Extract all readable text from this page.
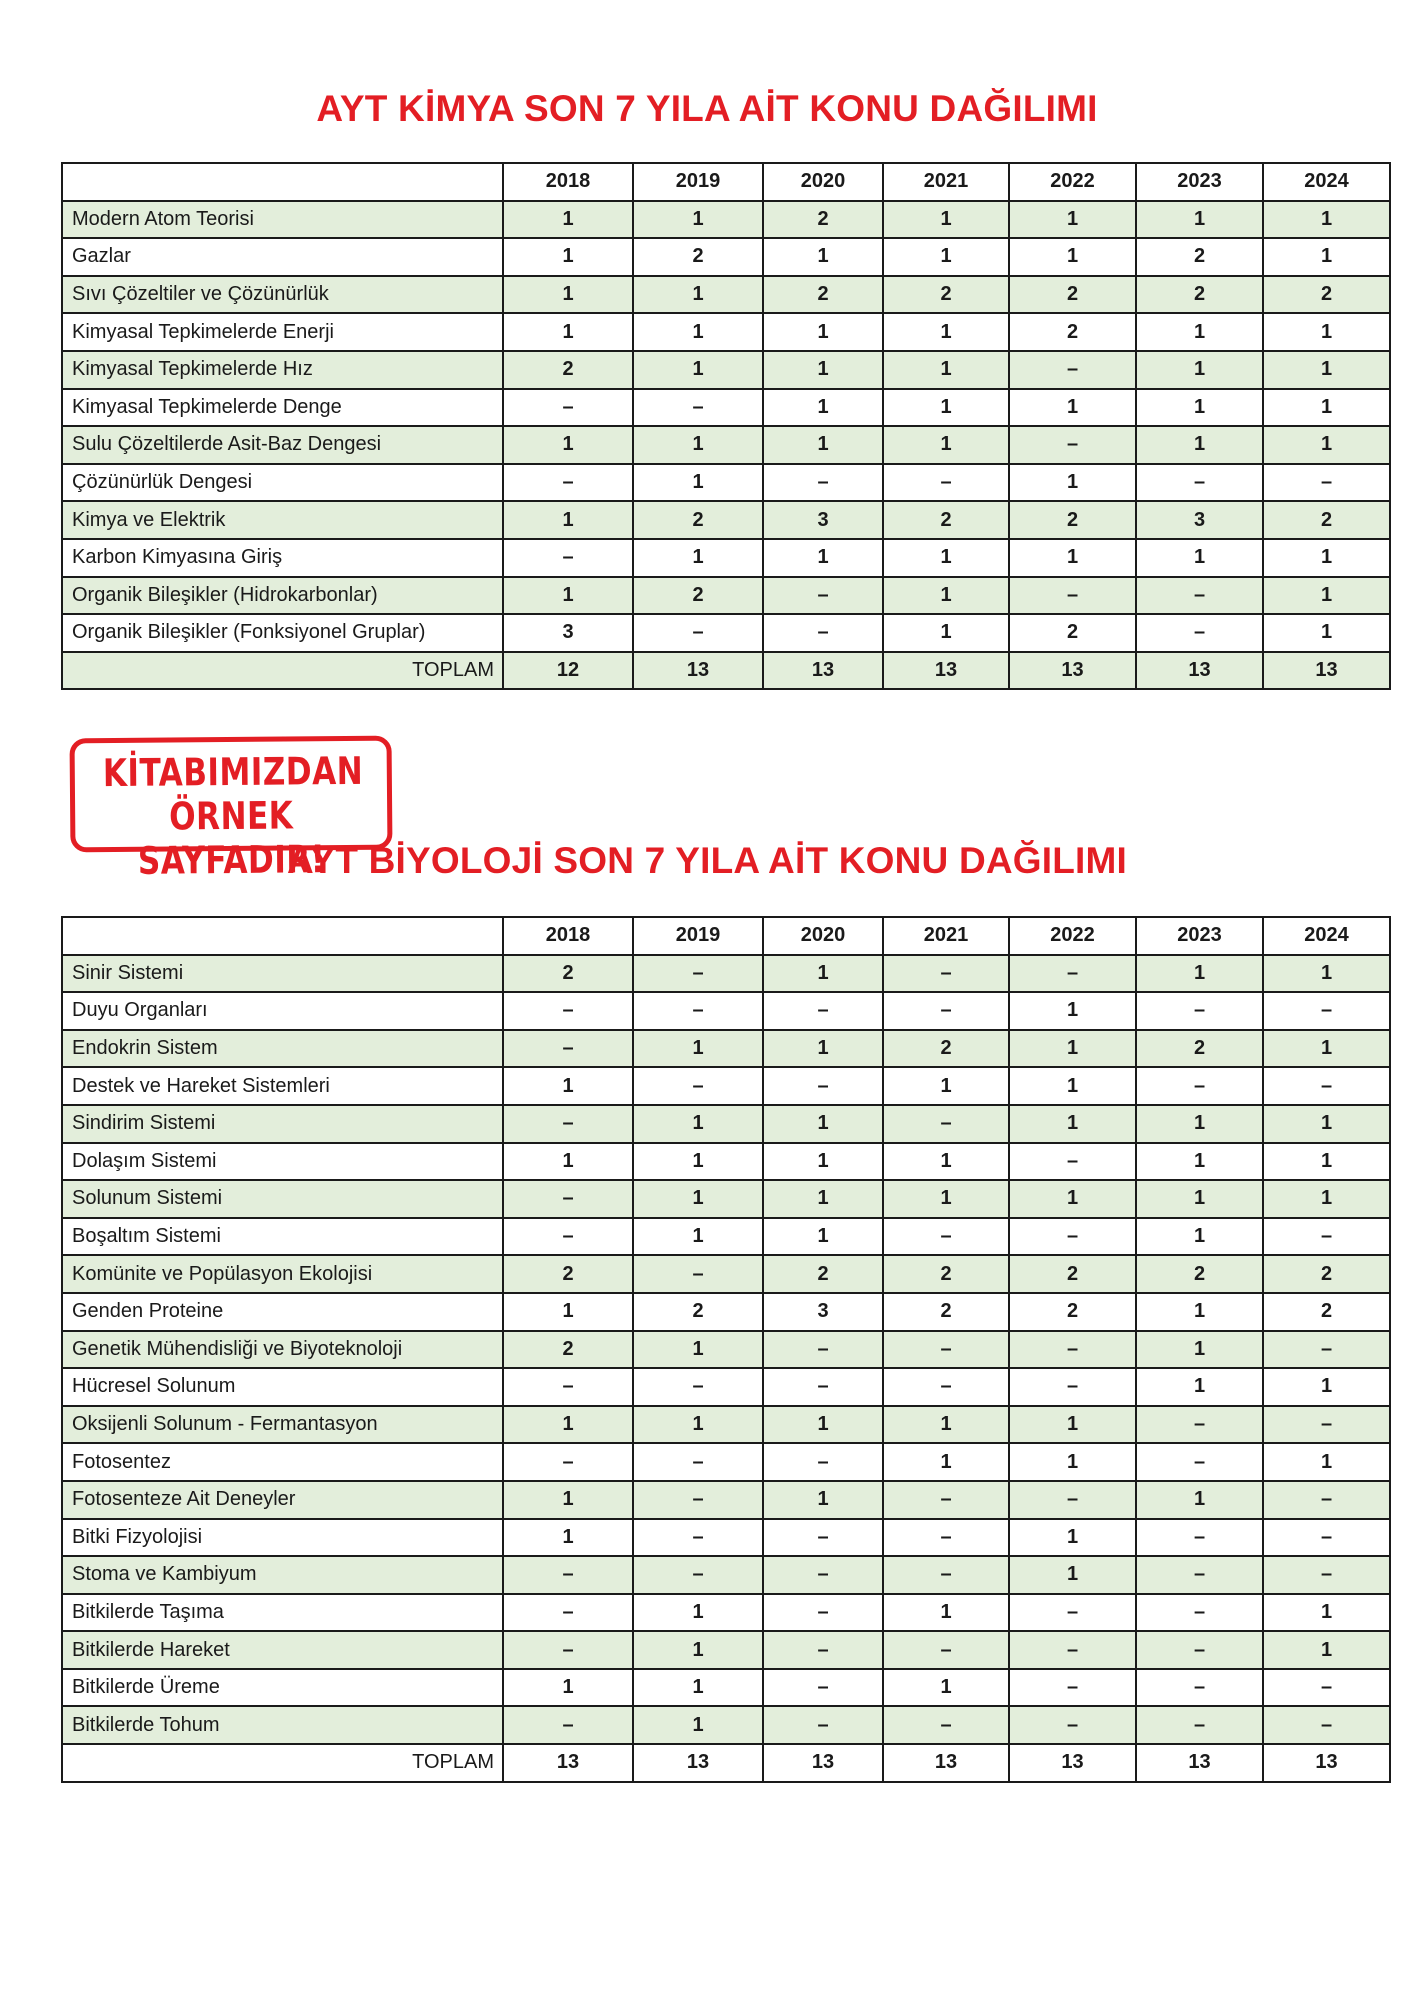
AYT KİMYA SON 7 YILA AİT KONU DAĞILIMI
	2018	2019	2020	2021	2022	2023	2024
Modern Atom Teorisi	1	1	2	1	1	1	1
Gazlar	1	2	1	1	1	2	1
Sıvı Çözeltiler ve Çözünürlük	1	1	2	2	2	2	2
Kimyasal Tepkimelerde Enerji	1	1	1	1	2	1	1
Kimyasal Tepkimelerde Hız	2	1	1	1	–	1	1
Kimyasal Tepkimelerde Denge	–	–	1	1	1	1	1
Sulu Çözeltilerde Asit-Baz Dengesi	1	1	1	1	–	1	1
Çözünürlük Dengesi	–	1	–	–	1	–	–
Kimya ve Elektrik	1	2	3	2	2	3	2
Karbon Kimyasına Giriş	–	1	1	1	1	1	1
Organik Bileşikler (Hidrokarbonlar)	1	2	–	1	–	–	1
Organik Bileşikler (Fonksiyonel Gruplar)	3	–	–	1	2	–	1
TOPLAM	12	13	13	13	13	13	13
KİTABIMIZDAN
ÖRNEK SAYFADIR!
AYT BİYOLOJİ SON 7 YILA AİT KONU DAĞILIMI
	2018	2019	2020	2021	2022	2023	2024
Sinir Sistemi	2	–	1	–	–	1	1
Duyu Organları	–	–	–	–	1	–	–
Endokrin Sistem	–	1	1	2	1	2	1
Destek ve Hareket Sistemleri	1	–	–	1	1	–	–
Sindirim Sistemi	–	1	1	–	1	1	1
Dolaşım Sistemi	1	1	1	1	–	1	1
Solunum Sistemi	–	1	1	1	1	1	1
Boşaltım Sistemi	–	1	1	–	–	1	–
Komünite ve Popülasyon Ekolojisi	2	–	2	2	2	2	2
Genden Proteine	1	2	3	2	2	1	2
Genetik Mühendisliği ve Biyoteknoloji	2	1	–	–	–	1	–
Hücresel Solunum	–	–	–	–	–	1	1
Oksijenli Solunum - Fermantasyon	1	1	1	1	1	–	–
Fotosentez	–	–	–	1	1	–	1
Fotosenteze Ait Deneyler	1	–	1	–	–	1	–
Bitki Fizyolojisi	1	–	–	–	1	–	–
Stoma ve Kambiyum	–	–	–	–	1	–	–
Bitkilerde Taşıma	–	1	–	1	–	–	1
Bitkilerde Hareket	–	1	–	–	–	–	1
Bitkilerde Üreme	1	1	–	1	–	–	–
Bitkilerde Tohum	–	1	–	–	–	–	–
TOPLAM	13	13	13	13	13	13	13
